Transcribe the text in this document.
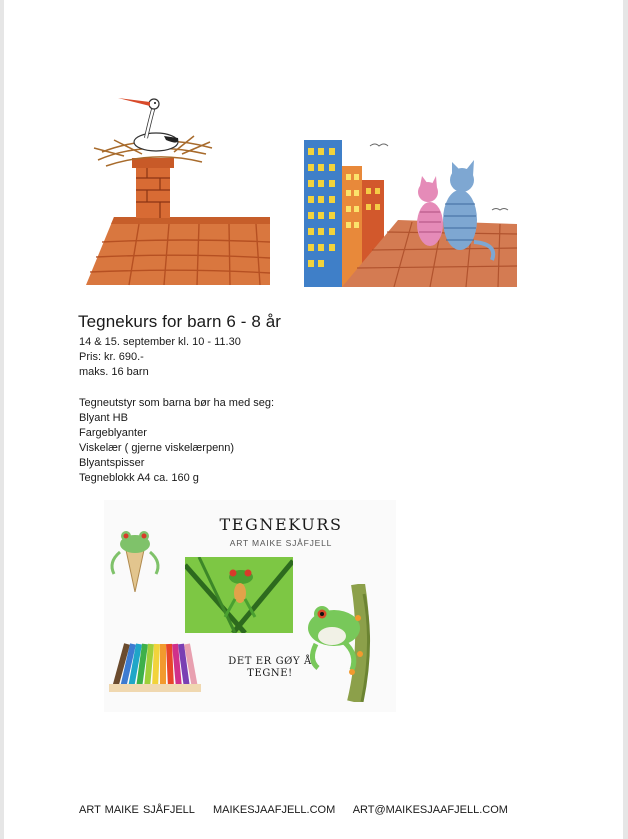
Tegnekurs for barn 6 - 8 år
14 & 15. september kl. 10 - 11.30
Pris: kr. 690.-
maks. 16 barn
Tegneutstyr som barna bør ha med seg:
Blyant HB
Fargeblyanter
Viskelær ( gjerne viskelærpenn)
Blyantspisser
Tegneblokk A4 ca. 160 g
TEGNEKURS
ART MAIKE SJÅFJELL
DET ER GØY Å
TEGNE!
ART MAIKE SJÅFJELL MAIKESJAAFJELL.COM ART@MAIKESJAAFJELL.COM
